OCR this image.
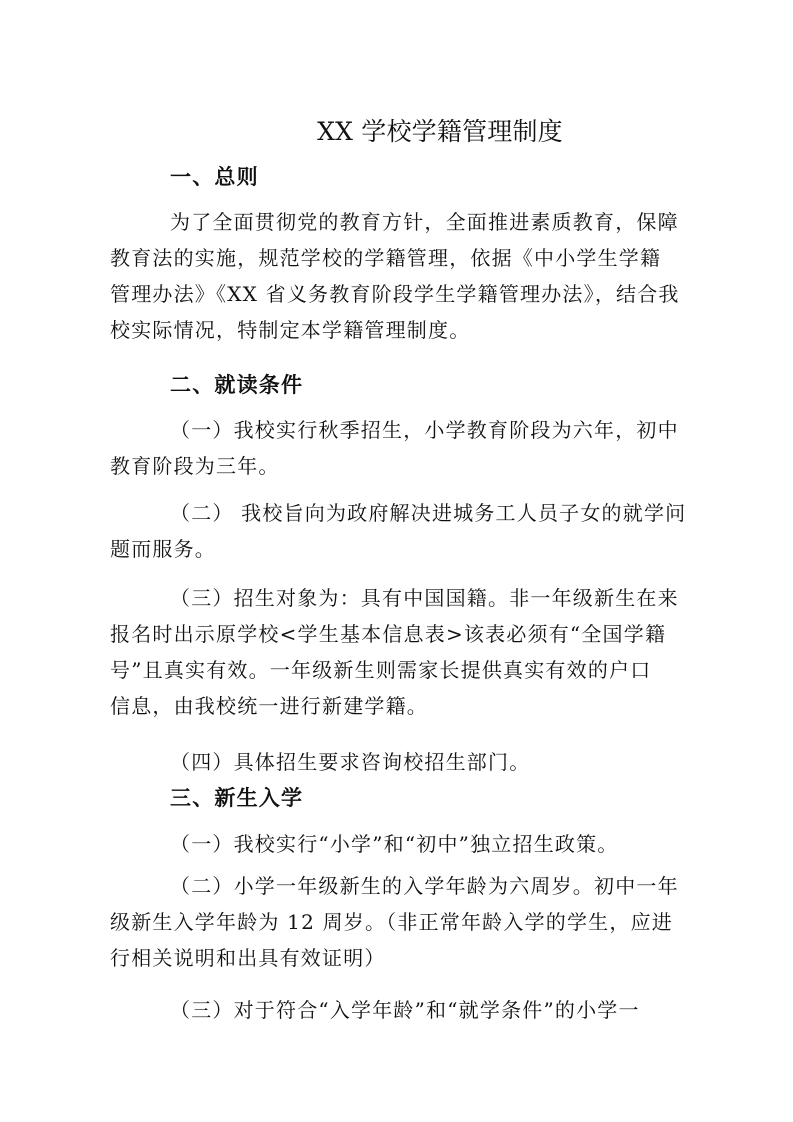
XX 学校学籍管理制度
一、总则

为了全面贯彻党的教育方针，全面推进素质教育，保障
教育法的实施，规范学校的学籍管理，依据《中小学生学籍
管理办法》《XX 省义务教育阶段学生学籍管理办法》，结合我
校实际情况，特制定本学籍管理制度。

二、就读条件

（一）我校实行秋季招生，小学教育阶段为六年，初中
教育阶段为三年。

（二） 我校旨向为政府解决进城务工人员子女的就学问
题而服务。

（三）招生对象为：具有中国国籍。非一年级新生在来
报名时出示原学校<学生基本信息表>该表必须有“全国学籍
号”且真实有效。一年级新生则需家长提供真实有效的户口
信息，由我校统一进行新建学籍。

（四）具体招生要求咨询校招生部门。

三、新生入学

（一）我校实行“小学”和“初中”独立招生政策。

（二）小学一年级新生的入学年龄为六周岁。初中一年
级新生入学年龄为 12 周岁。（非正常年龄入学的学生，应进
行相关说明和出具有效证明）

（三）对于符合“入学年龄”和“就学条件”的小学一
